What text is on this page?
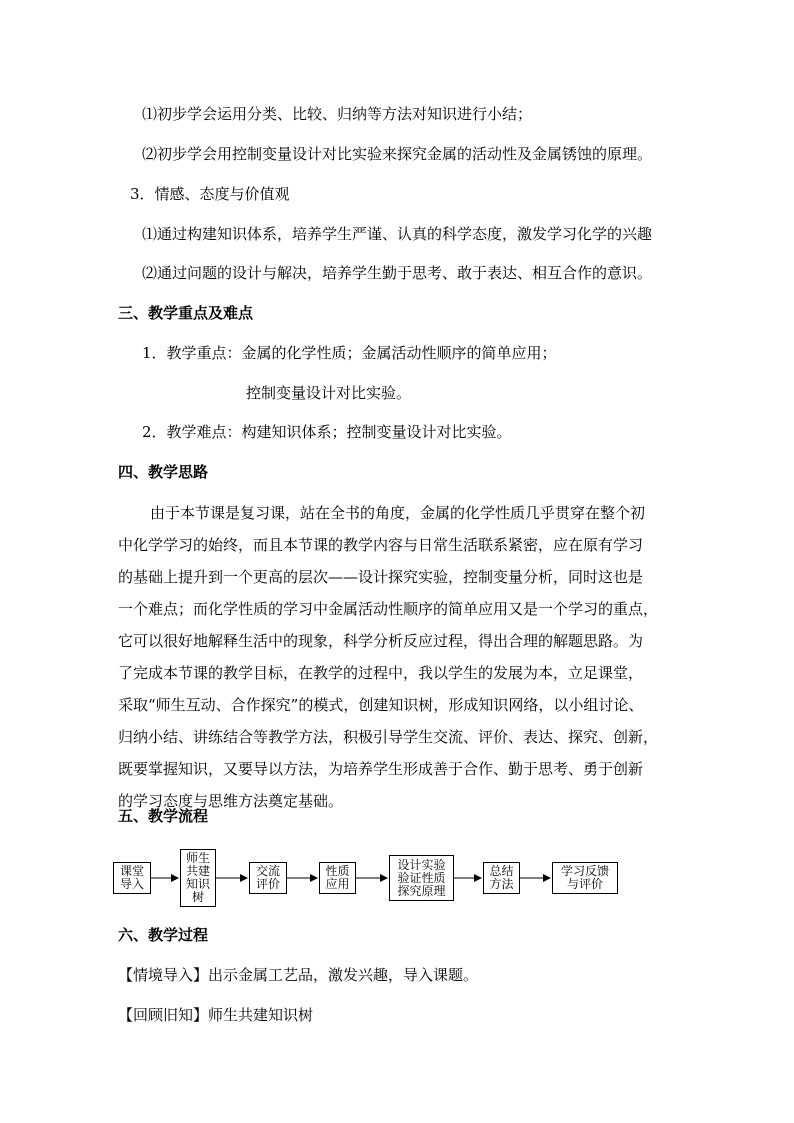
⑴初步学会运用分类、比较、归纳等方法对知识进行小结；
⑵初步学会用控制变量设计对比实验来探究金属的活动性及金属锈蚀的原理。
3．情感、态度与价值观
⑴通过构建知识体系，培养学生严谨、认真的科学态度，激发学习化学的兴趣
⑵通过问题的设计与解决，培养学生勤于思考、敢于表达、相互合作的意识。
三、教学重点及难点
1．教学重点：金属的化学性质；金属活动性顺序的简单应用；
控制变量设计对比实验。
2．教学难点：构建知识体系；控制变量设计对比实验。
四、教学思路
由于本节课是复习课，站在全书的角度，金属的化学性质几乎贯穿在整个初
中化学学习的始终，而且本节课的教学内容与日常生活联系紧密，应在原有学习
的基础上提升到一个更高的层次——设计探究实验，控制变量分析，同时这也是
一个难点；而化学性质的学习中金属活动性顺序的简单应用又是一个学习的重点，
它可以很好地解释生活中的现象，科学分析反应过程，得出合理的解题思路。为
了完成本节课的教学目标，在教学的过程中，我以学生的发展为本，立足课堂，
采取“师生互动、合作探究”的模式，创建知识树，形成知识网络，以小组讨论、
归纳小结、讲练结合等教学方法，积极引导学生交流、评价、表达、探究、创新，
既要掌握知识，又要导以方法，为培养学生形成善于合作、勤于思考、勇于创新
的学习态度与思维方法奠定基础。
五、教学流程
课堂
导入
师生
共建
知识
树
交流
评价
性质
应用
设计实验
验证性质
探究原理
总结
方法
学习反馈
与评价
六、教学过程
【情境导入】出示金属工艺品，激发兴趣，导入课题。
【回顾旧知】师生共建知识树
